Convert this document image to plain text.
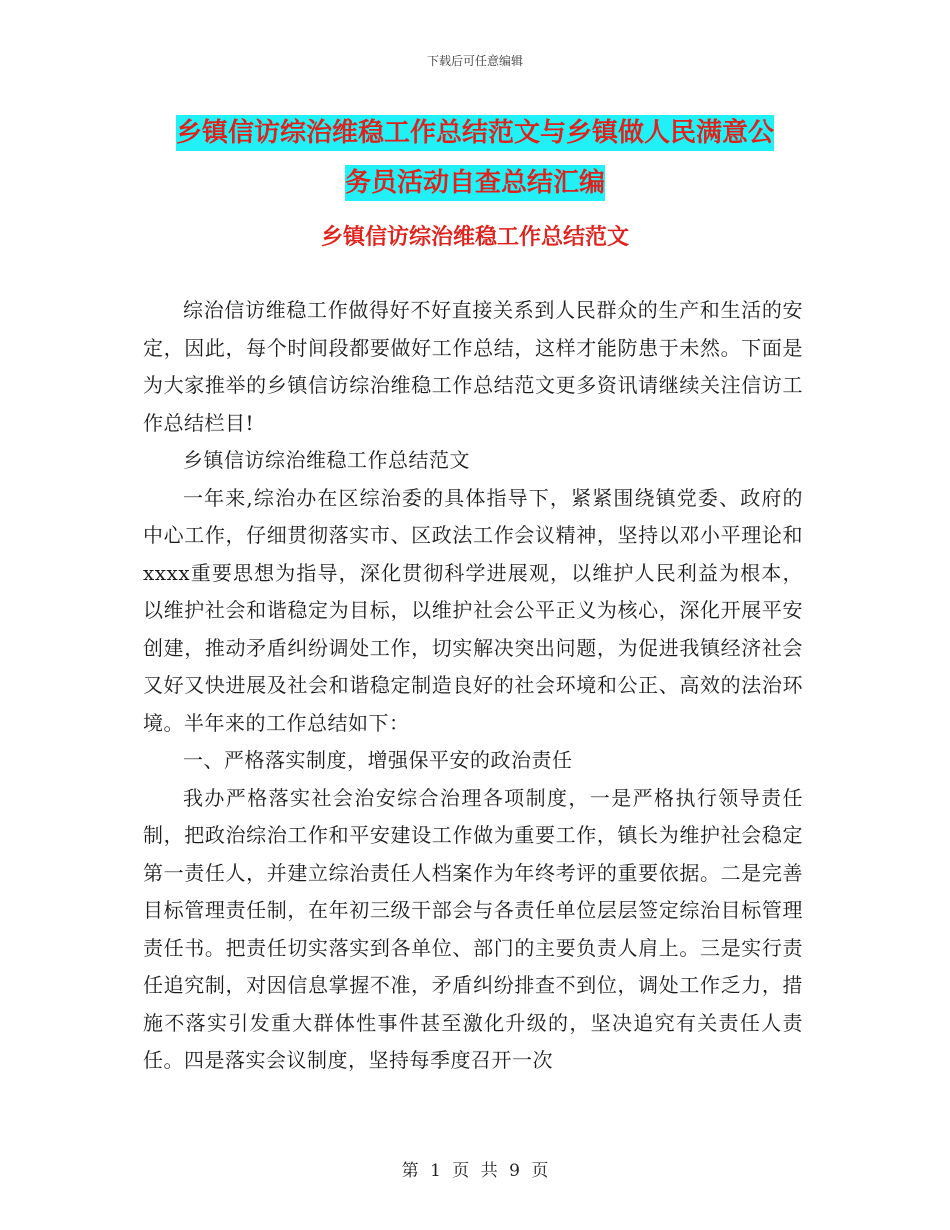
下载后可任意编辑
乡镇信访综治维稳工作总结范文与乡镇做人民满意公
务员活动自查总结汇编
乡镇信访综治维稳工作总结范文

综治信访维稳工作做得好不好直接关系到人民群众的生产和生活的安定，因此，每个时间段都要做好工作总结，这样才能防患于未然。下面是为大家推举的乡镇信访综治维稳工作总结范文更多资讯请继续关注信访工作总结栏目!

乡镇信访综治维稳工作总结范文

一年来,综治办在区综治委的具体指导下，紧紧围绕镇党委、政府的中心工作，仔细贯彻落实市、区政法工作会议精神，坚持以邓小平理论和xxxx重要思想为指导，深化贯彻科学进展观，以维护人民利益为根本，以维护社会和谐稳定为目标，以维护社会公平正义为核心，深化开展平安创建，推动矛盾纠纷调处工作，切实解决突出问题，为促进我镇经济社会又好又快进展及社会和谐稳定制造良好的社会环境和公正、高效的法治环境。半年来的工作总结如下：

一、严格落实制度，增强保平安的政治责任

我办严格落实社会治安综合治理各项制度，一是严格执行领导责任制，把政治综治工作和平安建设工作做为重要工作，镇长为维护社会稳定第一责任人，并建立综治责任人档案作为年终考评的重要依据。二是完善目标管理责任制，在年初三级干部会与各责任单位层层签定综治目标管理责任书。把责任切实落实到各单位、部门的主要负责人肩上。三是实行责任追究制，对因信息掌握不准，矛盾纠纷排查不到位，调处工作乏力，措施不落实引发重大群体性事件甚至激化升级的，坚决追究有关责任人责任。四是落实会议制度，坚持每季度召开一次

第 1 页 共 9 页
